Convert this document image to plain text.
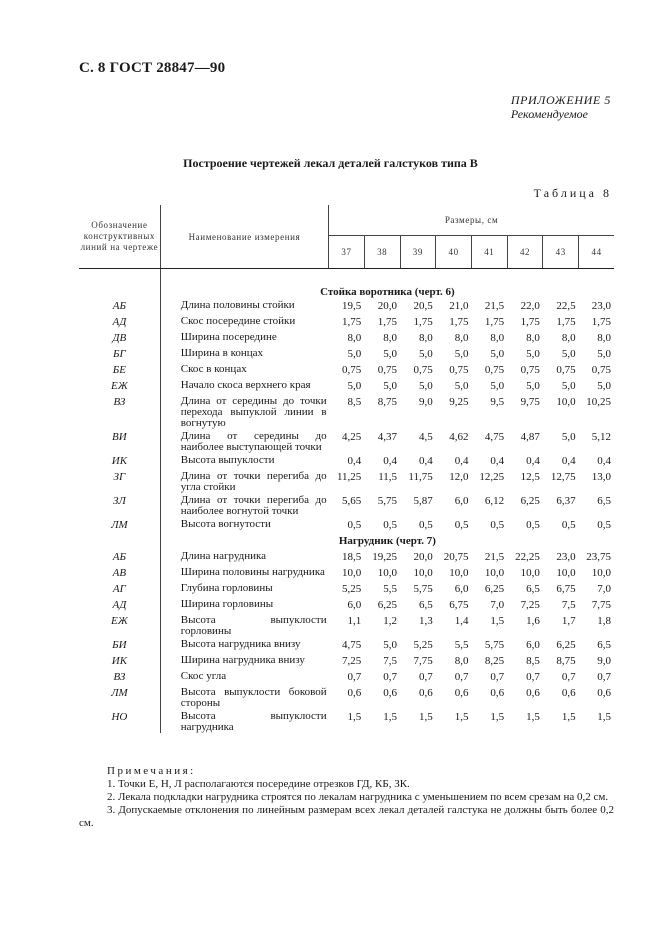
С. 8 ГОСТ 28847—90
ПРИЛОЖЕНИЕ 5
Рекомендуемое
Построение чертежей лекал деталей галстуков типа В
Таблица 8
Обозначение конструктивных линий на чертеже	Наименование измерения	Размеры, см							
		37	38	39	40	41	42	43	44
	Стойка воротника (черт. 6)								
АБ	Длина половины стойки	19,5	20,0	20,5	21,0	21,5	22,0	22,5	23,0
АД	Скос посередине стойки	1,75	1,75	1,75	1,75	1,75	1,75	1,75	1,75
ДВ	Ширина посередине	8,0	8,0	8,0	8,0	8,0	8,0	8,0	8,0
БГ	Ширина в концах	5,0	5,0	5,0	5,0	5,0	5,0	5,0	5,0
БЕ	Скос в концах	0,75	0,75	0,75	0,75	0,75	0,75	0,75	0,75
ЕЖ	Начало скоса верхнего края	5,0	5,0	5,0	5,0	5,0	5,0	5,0	5,0
ВЗ	Длина от середины до точки перехода выпуклой линии в вогнутую	8,5	8,75	9,0	9,25	9,5	9,75	10,0	10,25
ВИ	Длина от середины до наиболее выступающей точки	4,25	4,37	4,5	4,62	4,75	4,87	5,0	5,12
ИК	Высота выпуклости	0,4	0,4	0,4	0,4	0,4	0,4	0,4	0,4
ЗГ	Длина от точки перегиба до угла стойки	11,25	11,5	11,75	12,0	12,25	12,5	12,75	13,0
ЗЛ	Длина от точки перегиба до наиболее вогнутой точки	5,65	5,75	5,87	6,0	6,12	6,25	6,37	6,5
ЛМ	Высота вогнутости	0,5	0,5	0,5	0,5	0,5	0,5	0,5	0,5
	Нагрудник (черт. 7)								
АБ	Длина нагрудника	18,5	19,25	20,0	20,75	21,5	22,25	23,0	23,75
АВ	Ширина половины нагрудника	10,0	10,0	10,0	10,0	10,0	10,0	10,0	10,0
АГ	Глубина горловины	5,25	5,5	5,75	6,0	6,25	6,5	6,75	7,0
АД	Ширина горловины	6,0	6,25	6,5	6,75	7,0	7,25	7,5	7,75
ЕЖ	Высота выпуклости горловины	1,1	1,2	1,3	1,4	1,5	1,6	1,7	1,8
БИ	Высота нагрудника внизу	4,75	5,0	5,25	5,5	5,75	6,0	6,25	6,5
ИК	Ширина нагрудника внизу	7,25	7,5	7,75	8,0	8,25	8,5	8,75	9,0
ВЗ	Скос угла	0,7	0,7	0,7	0,7	0,7	0,7	0,7	0,7
ЛМ	Высота выпуклости боковой стороны	0,6	0,6	0,6	0,6	0,6	0,6	0,6	0,6
НО	Высота выпуклости нагрудника	1,5	1,5	1,5	1,5	1,5	1,5	1,5	1,5
Примечания:

1. Точки Е, Н, Л располагаются посередине отрезков ГД, КБ, ЗК.

2. Лекала подкладки нагрудника строятся по лекалам нагрудника с уменьшением по всем срезам на 0,2 см.

3. Допускаемые отклонения по линейным размерам всех лекал деталей галстука не должны быть более 0,2 см.
